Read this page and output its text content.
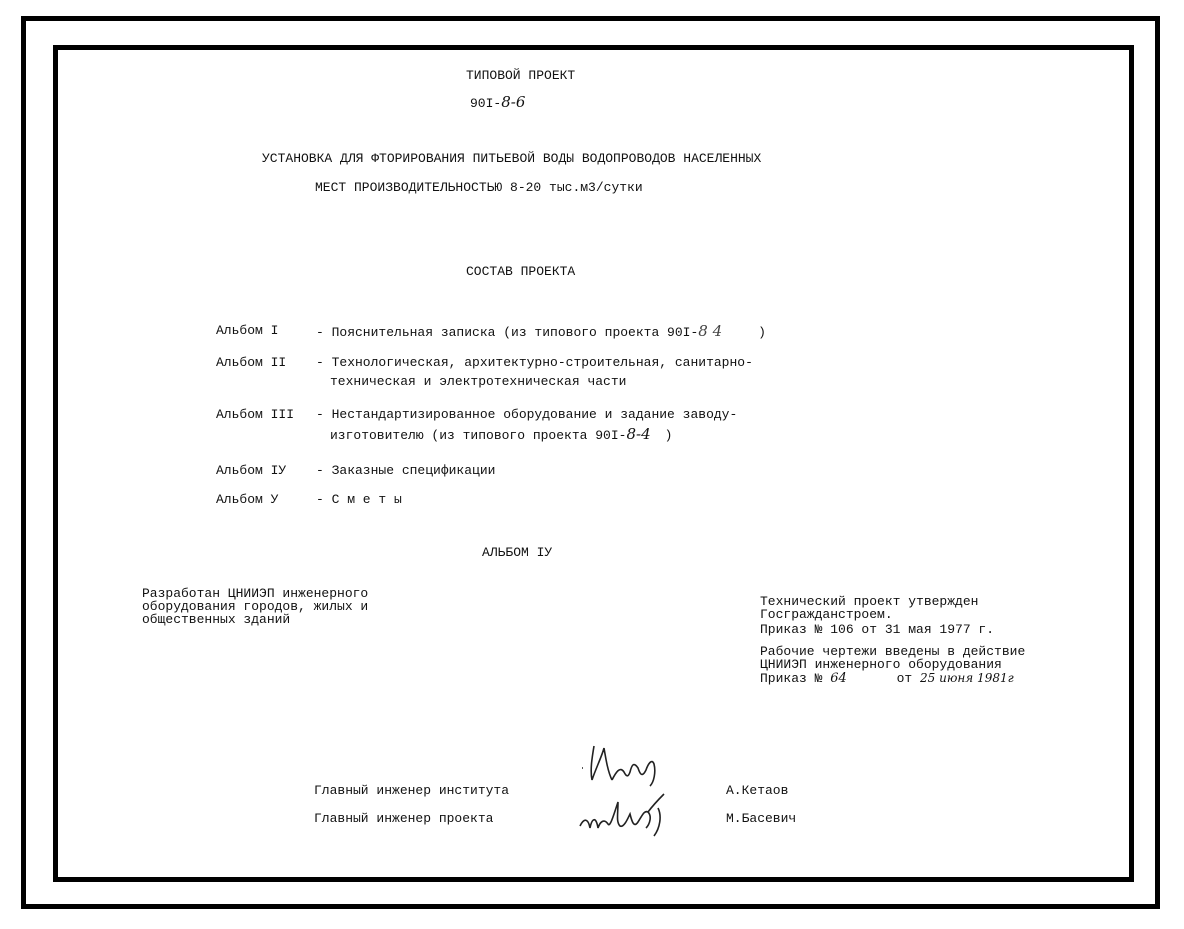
ТИПОВОЙ ПРОЕКТ
90I-8-6
УСТАНОВКА ДЛЯ ФТОРИРОВАНИЯ ПИТЬЕВОЙ ВОДЫ ВОДОПРОВОДОВ НАСЕЛЕННЫХ
МЕСТ ПРОИЗВОДИТЕЛЬНОСТЬЮ 8-20 тыс.м3/сутки
СОСТАВ ПРОЕКТА
Альбом I	- Пояснительная записка (из типового проекта 90I-8 4	)
Альбом II - Технологическая, архитектурно-строительная, санитарно-
техническая и электротехническая части
Альбом III - Нестандартизированное оборудование и задание заводу-
изготовителю (из типового проекта 90I-8-4 )
Альбом IУ - Заказные спецификации
Альбом У	- С м е т ы
АЛЬБОМ IУ
Разработан ЦНИИЭП инженерного
оборудования городов, жилых и
общественных зданий
Технический проект утвержден
Госгражданстроем.
Приказ № 106 от 31 мая 1977 г.
Рабочие чертежи введены в действие
ЦНИИЭП инженерного оборудования
Приказ № 64	от 25 июня 1981г
Главный инженер института	А.Кетаов
Главный инженер проекта	М.Басевич
